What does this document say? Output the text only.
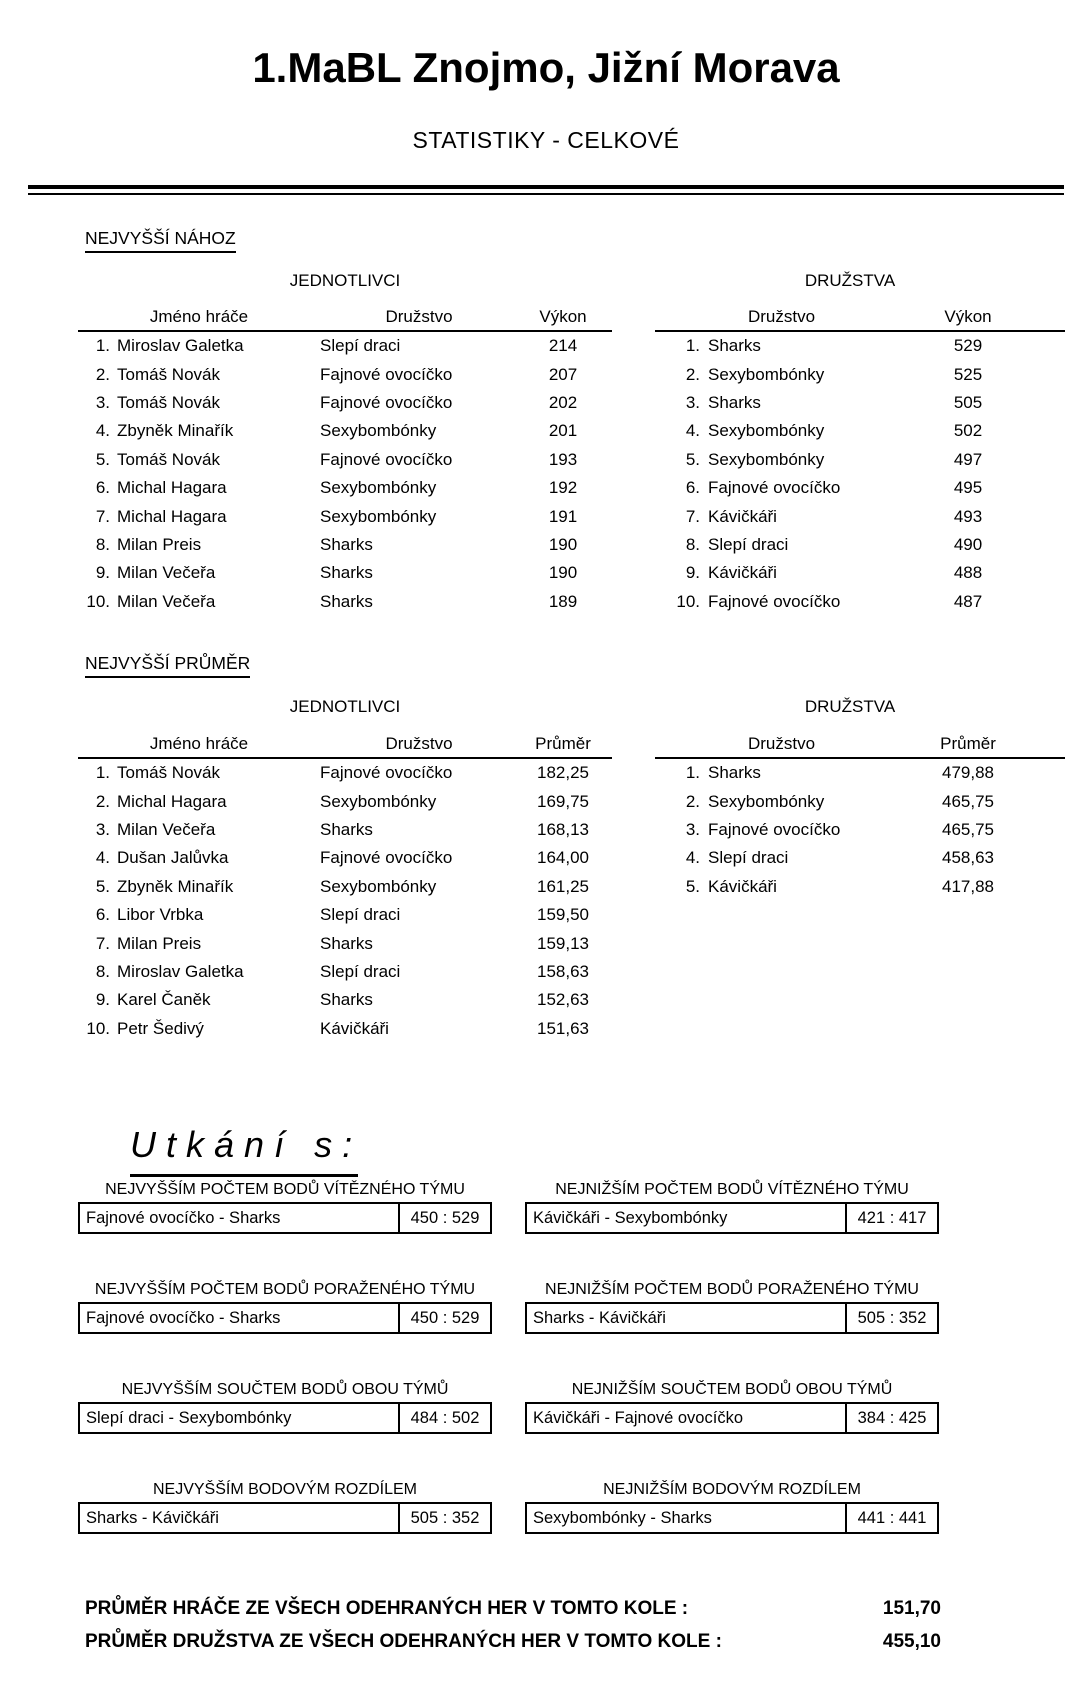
1.MaBL Znojmo, Jižní Morava
STATISTIKY - CELKOVÉ
NEJVYŠŠÍ NÁHOZ
JEDNOTLIVCI	DRUŽSTVA
Jméno hráče	Družstvo	Výkon
1. Miroslav Galetka	Slepí draci	214
2. Tomáš Novák	Fajnové ovocíčko	207
3. Tomáš Novák	Fajnové ovocíčko	202
4. Zbyněk Minařík	Sexybombónky	201
5. Tomáš Novák	Fajnové ovocíčko	193
6. Michal Hagara	Sexybombónky	192
7. Michal Hagara	Sexybombónky	191
8. Milan Preis	Sharks	190
9. Milan Večeřa	Sharks	190
10. Milan Večeřa	Sharks	189
Družstvo	Výkon
1. Sharks	529
2. Sexybombónky	525
3. Sharks	505
4. Sexybombónky	502
5. Sexybombónky	497
6. Fajnové ovocíčko	495
7. Kávičkáři	493
8. Slepí draci	490
9. Kávičkáři	488
10. Fajnové ovocíčko	487
NEJVYŠŠÍ PRŮMĚR
JEDNOTLIVCI	DRUŽSTVA
Jméno hráče	Družstvo	Průměr
1. Tomáš Novák	Fajnové ovocíčko	182,25
2. Michal Hagara	Sexybombónky	169,75
3. Milan Večeřa	Sharks	168,13
4. Dušan Jalůvka	Fajnové ovocíčko	164,00
5. Zbyněk Minařík	Sexybombónky	161,25
6. Libor Vrbka	Slepí draci	159,50
7. Milan Preis	Sharks	159,13
8. Miroslav Galetka	Slepí draci	158,63
9. Karel Čaněk	Sharks	152,63
10. Petr Šedivý	Kávičkáři	151,63
Družstvo	Průměr
1. Sharks	479,88
2. Sexybombónky	465,75
3. Fajnové ovocíčko	465,75
4. Slepí draci	458,63
5. Kávičkáři	417,88

U t k á n í   s :

NEJVYŠŠÍM POČTEM BODŮ VÍTĚZNÉHO TÝMU
Fajnové ovocíčko - Sharks	450 : 529
NEJVYŠŠÍM POČTEM BODŮ PORAŽENÉHO TÝMU
Fajnové ovocíčko - Sharks	450 : 529
NEJVYŠŠÍM SOUČTEM BODŮ OBOU TÝMŮ
Slepí draci - Sexybombónky	484 : 502
NEJVYŠŠÍM BODOVÝM ROZDÍLEM
Sharks - Kávičkáři	505 : 352
NEJNIŽŠÍM POČTEM BODŮ VÍTĚZNÉHO TÝMU
Kávičkáři - Sexybombónky	421 : 417
NEJNIŽŠÍM POČTEM BODŮ PORAŽENÉHO TÝMU
Sharks - Kávičkáři	505 : 352
NEJNIŽŠÍM SOUČTEM BODŮ OBOU TÝMŮ
Kávičkáři - Fajnové ovocíčko	384 : 425
NEJNIŽŠÍM BODOVÝM ROZDÍLEM
Sexybombónky - Sharks	441 : 441
PRŮMĚR HRÁČE ZE VŠECH ODEHRANÝCH HER V TOMTO KOLE :	151,70
PRŮMĚR DRUŽSTVA ZE VŠECH ODEHRANÝCH HER V TOMTO KOLE :	455,10
